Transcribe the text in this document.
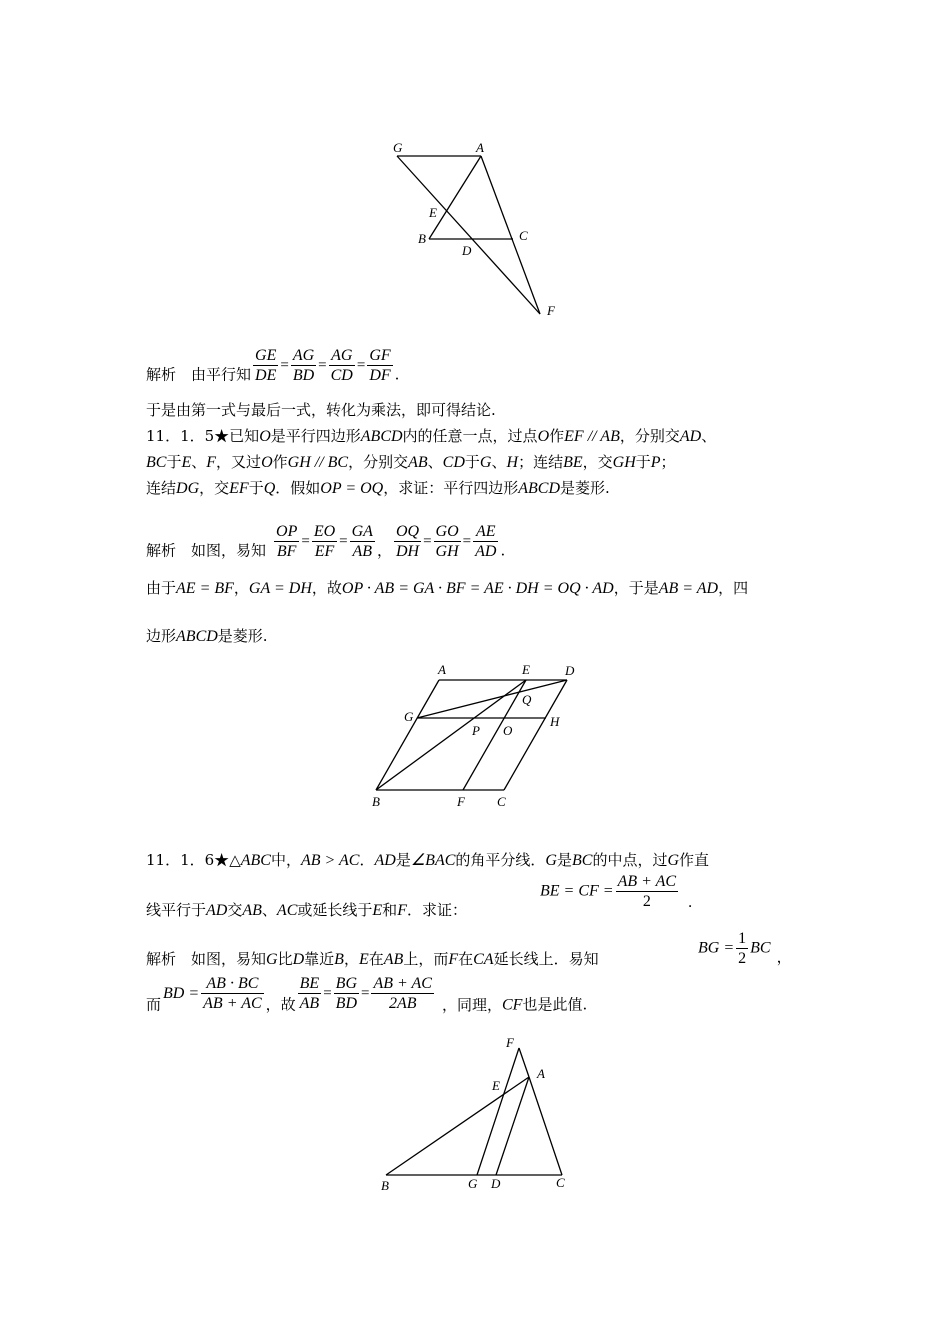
G	A
E
B	C
D
F
解析　由平行知 $\frac{GE}{DE} = \frac{AG}{BD} = \frac{AG}{CD} = \frac{GF}{DF}$ .
于是由第一式与最后一式，转化为乘法，即可得结论.
11．1．5★已知O是平行四边形ABCD内的任意一点，过点O作EF // AB，分别交AD、
BC于E、F，又过O作GH // BC，分别交AB、CD于G、H；连结BE，交GH于P；
连结DG，交EF于Q．假如OP = OQ，求证：平行四边形ABCD是菱形.
解析　如图，易知 $\frac{OP}{BF} = \frac{EO}{EF} = \frac{GA}{AB}$ ， $\frac{OQ}{DH} = \frac{GO}{GH} = \frac{AE}{AD}$ .
由于AE = BF，GA = DH，故OP · AB = GA · BF = AE · DH = OQ · AD，于是AB = AD，四
边形ABCD是菱形.
A	E	D
Q
G	H
P O
B	F C
11．1．6★△ABC中，AB > AC．AD是∠BAC的角平分线．G是BC的中点，过G作直
线平行于AD交AB、AC或延长线于E和F．求证：
BE = CF = $\frac{AB + AC}{2}$ .
解析　如图，易知G比D靠近B，E在AB上，而F在CA延长线上．易知
BG = $\frac{1}{2}$ BC，
而BD = $\frac{AB \cdot BC}{AB + AC}$ ，故 $\frac{BE}{AB} = \frac{BG}{BD} = \frac{AB + AC}{2AB}$ ，同理，CF也是此值.
F
A
E
B	G D	C
